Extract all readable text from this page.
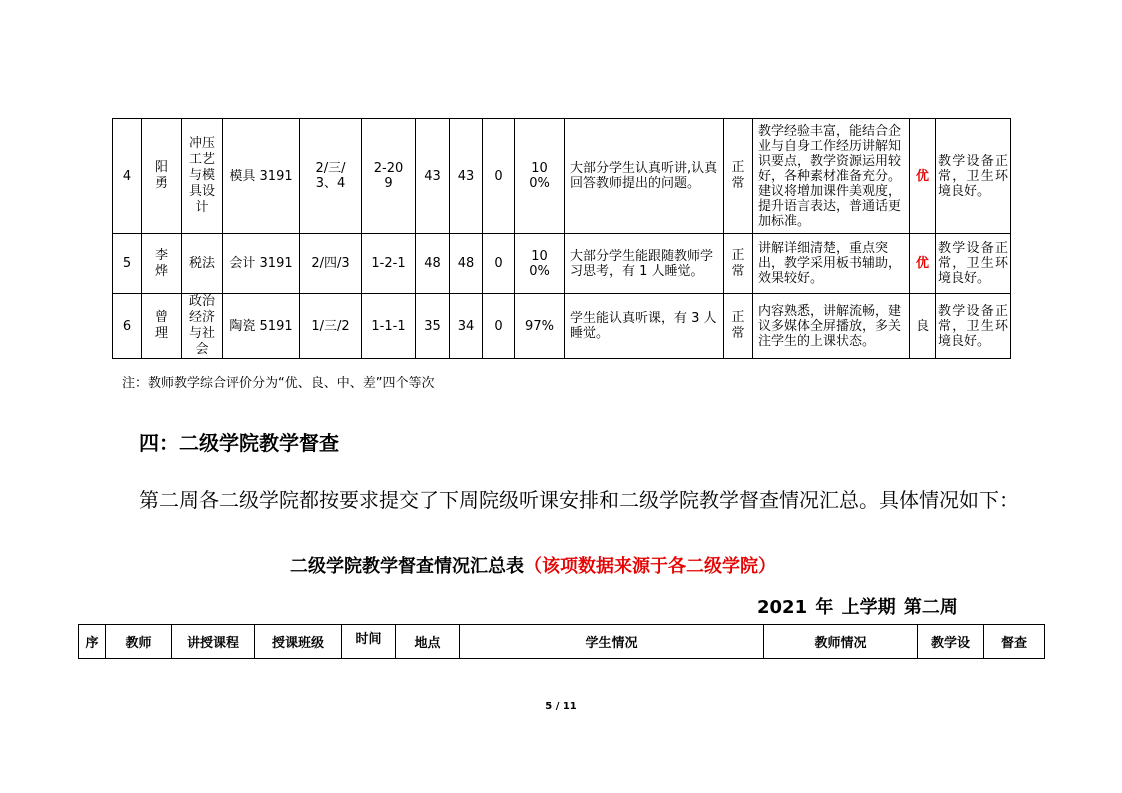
4	阳勇	冲压工艺与模具设计	模具 3191	2/三/3、4	2-209	43	43	0	100%	大部分学生认真听讲,认真回答教师提出的问题。	正常	教学经验丰富，能结合企业与自身工作经历讲解知识要点，教学资源运用较好，各种素材准备充分。建议将增加课件美观度，提升语言表达，普通话更加标准。	优	教学设备正常，卫生环境良好。
5	李烨	税法	会计 3191	2/四/3	1-2-1	48	48	0	100%	大部分学生能跟随教师学习思考，有 1 人睡觉。	正常	讲解详细清楚，重点突出，教学采用板书辅助，效果较好。	优	教学设备正常，卫生环境良好。
6	曾理	政治经济与社会	陶瓷 5191	1/三/2	1-1-1	35	34	0	97%	学生能认真听课，有 3 人睡觉。	正常	内容熟悉，讲解流畅，建议多媒体全屏播放，多关注学生的上课状态。	良	教学设备正常，卫生环境良好。
注：教师教学综合评价分为“优、良、中、差”四个等次
四：二级学院教学督查
第二周各二级学院都按要求提交了下周院级听课安排和二级学院教学督查情况汇总。具体情况如下：
二级学院教学督查情况汇总表（该项数据来源于各二级学院）
2021 年 上学期 第二周
序	教师	讲授课程	授课班级	时间	地点	学生情况	教师情况	教学设	督查
5 / 11
